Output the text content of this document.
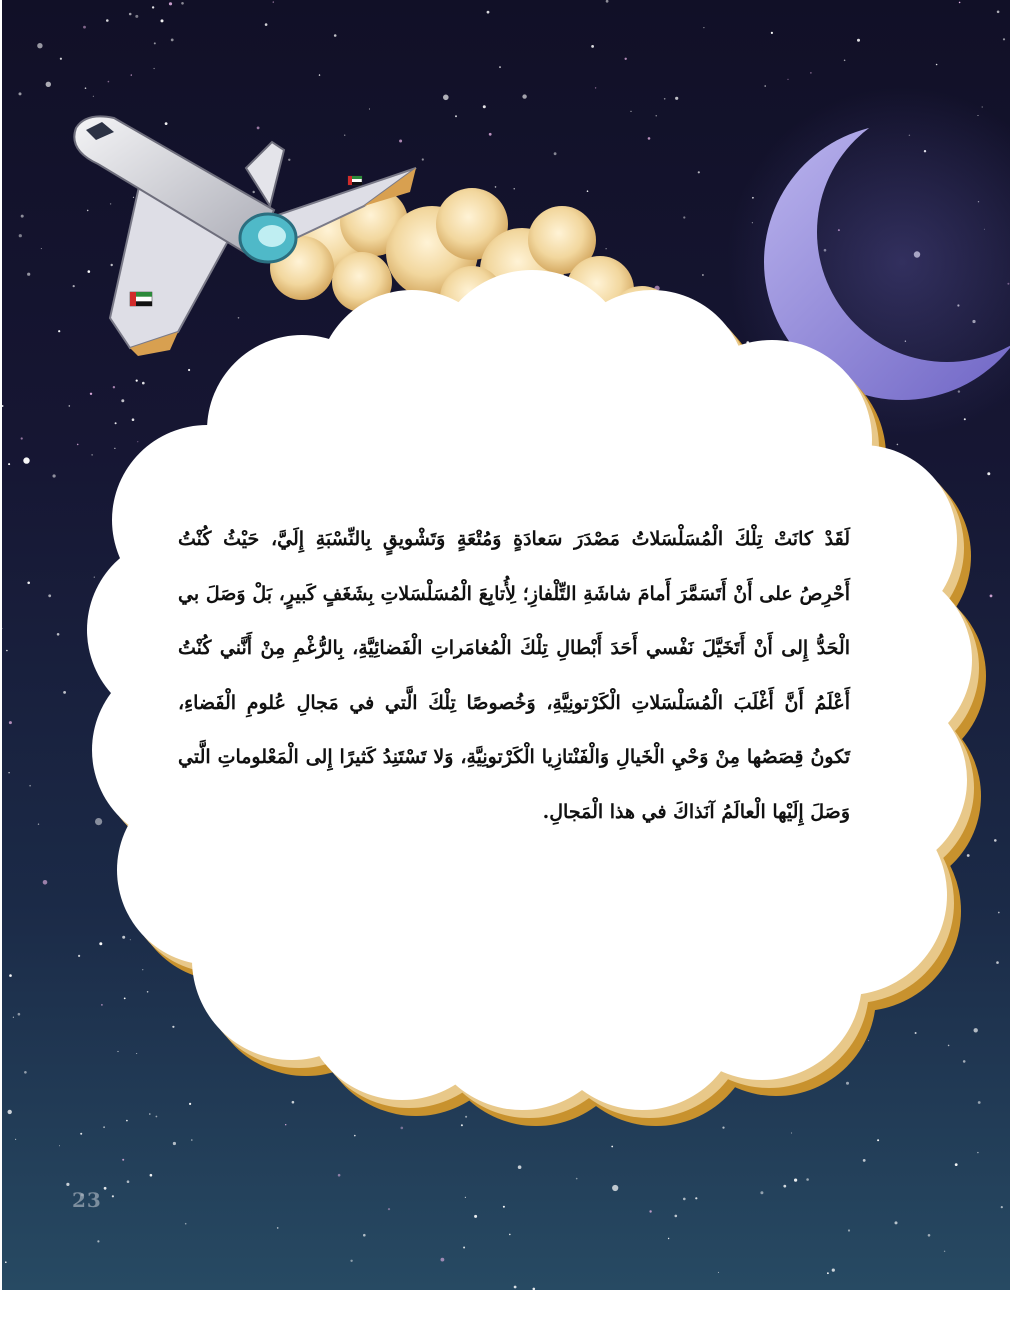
لَقَدْ كانَتْ تِلْكَ الْمُسَلْسَلاتُ مَصْدَرَ سَعادَةٍ وَمُتْعَةٍ وَتَشْويقٍ بِالنِّسْبَةِ إِلَيَّ، حَيْثُ كُنْتُ أَحْرِصُ على أَنْ أَتَسَمَّرَ أَمامَ شاشَةِ التِّلْفازِ؛ لِأُتابِعَ الْمُسَلْسَلاتِ بِشَغَفٍ كَبيرٍ، بَلْ وَصَلَ بي الْحَدُّ إِلى أَنْ أَتَخَيَّلَ نَفْسي أَحَدَ أَبْطالِ تِلْكَ الْمُغامَراتِ الْفَضائِيَّةِ، بِالرُّغْمِ مِنْ أَنَّني كُنْتُ أَعْلَمُ أَنَّ أَغْلَبَ الْمُسَلْسَلاتِ الْكَرْتونِيَّةِ، وَخُصوصًا تِلْكَ الَّتي في مَجالِ عُلومِ الْفَضاءِ، تَكونُ قِصَصُها مِنْ وَحْيِ الْخَيالِ وَالْفَنْتازِيا الْكَرْتونِيَّةِ، وَلا تَسْتَنِدُ كَثيرًا إِلى الْمَعْلوماتِ الَّتي وَصَلَ إِلَيْها الْعالَمُ آنَذاكَ في هذا الْمَجالِ.

23
